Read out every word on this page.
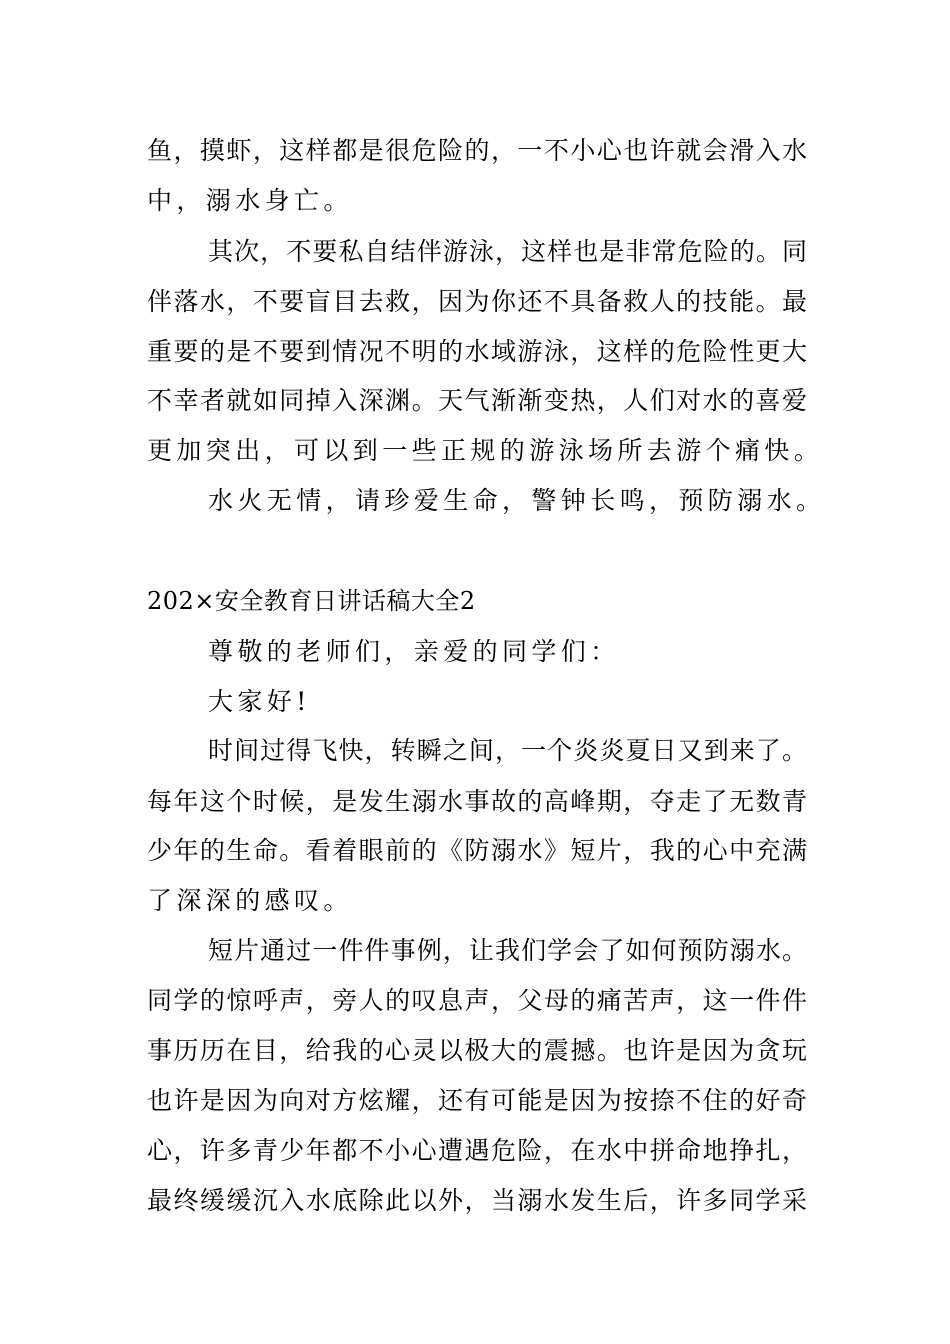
鱼，摸虾，这样都是很危险的，一不小心也许就会滑入水
中，溺水身亡。
其次，不要私自结伴游泳，这样也是非常危险的。同
伴落水，不要盲目去救，因为你还不具备救人的技能。最
重要的是不要到情况不明的水域游泳，这样的危险性更大
不幸者就如同掉入深渊。天气渐渐变热，人们对水的喜爱
更加突出，可以到一些正规的游泳场所去游个痛快。
水火无情，请珍爱生命，警钟长鸣，预防溺水。
202×安全教育日讲话稿大全2
尊敬的老师们，亲爱的同学们：
大家好!
时间过得飞快，转瞬之间，一个炎炎夏日又到来了。
每年这个时候，是发生溺水事故的高峰期，夺走了无数青
少年的生命。看着眼前的《防溺水》短片，我的心中充满
了深深的感叹。
短片通过一件件事例，让我们学会了如何预防溺水。
同学的惊呼声，旁人的叹息声，父母的痛苦声，这一件件
事历历在目，给我的心灵以极大的震撼。也许是因为贪玩
也许是因为向对方炫耀，还有可能是因为按捺不住的好奇
心，许多青少年都不小心遭遇危险，在水中拼命地挣扎，
最终缓缓沉入水底除此以外，当溺水发生后，许多同学采
